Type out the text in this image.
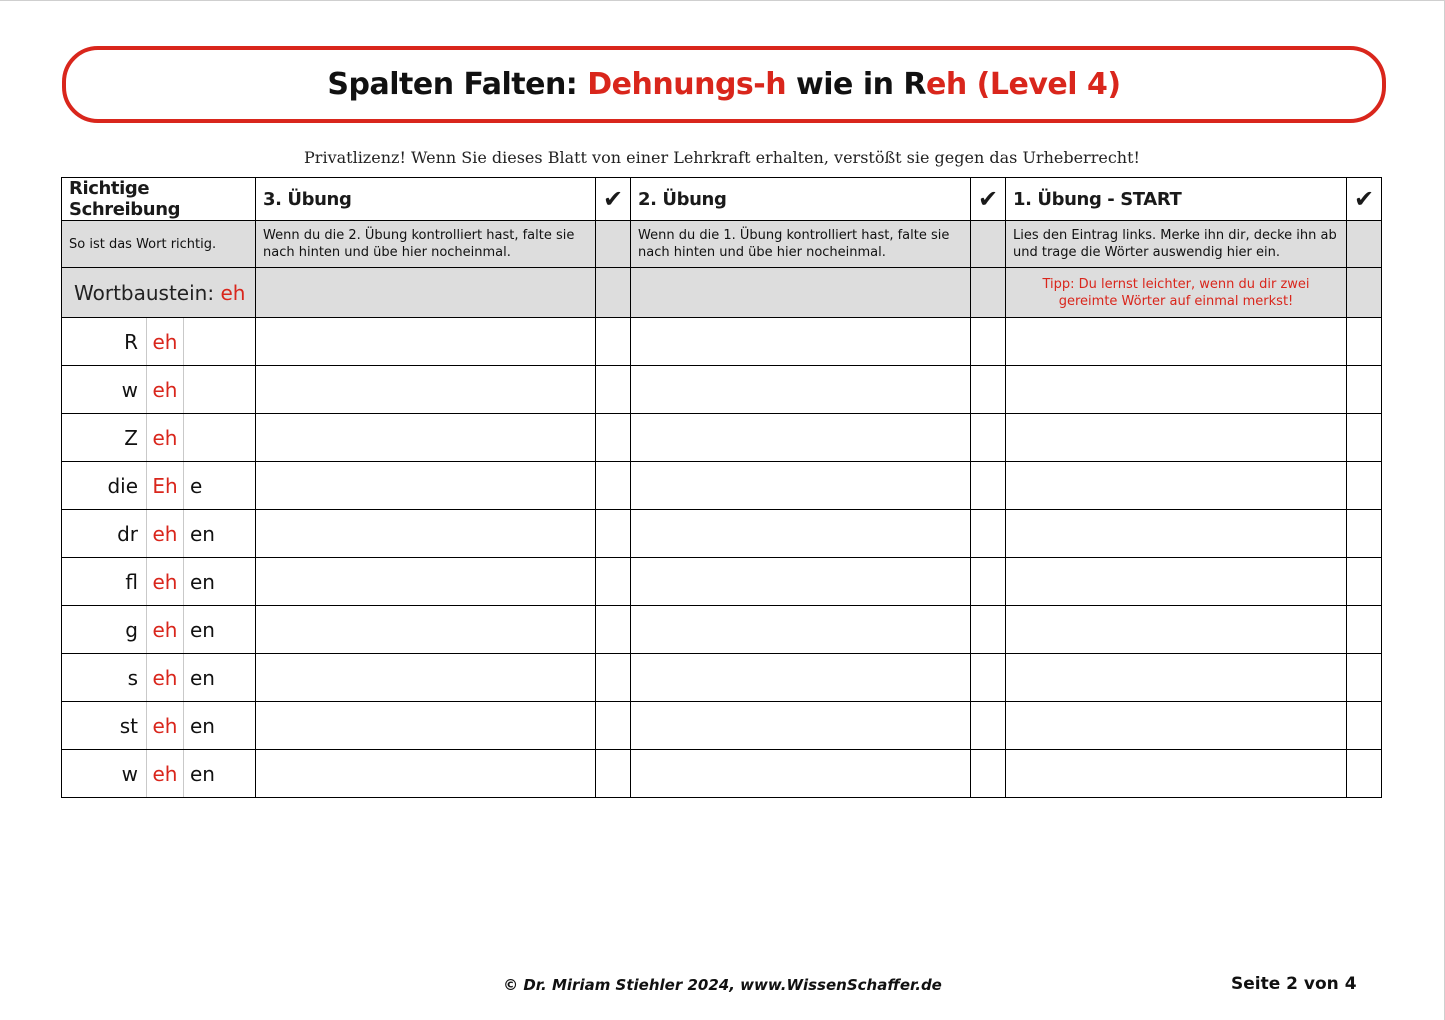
Spalten Falten: Dehnungs-h wie in Reh (Level 4)
Privatlizenz! Wenn Sie dieses Blatt von einer Lehrkraft erhalten, verstößt sie gegen das Urheberrecht!
Richtige Schreibung	3. Übung	✔	2. Übung	✔	1. Übung - START	✔
So ist das Wort richtig.	Wenn du die 2. Übung kontrolliert hast, falte sie nach hinten und übe hier nocheinmal.		Wenn du die 1. Übung kontrolliert hast, falte sie nach hinten und übe hier nocheinmal.		Lies den Eintrag links. Merke ihn dir, decke ihn ab und trage die Wörter auswendig hier ein.	
Wortbaustein: eh					Tipp: Du lernst leichter, wenn du dir zwei gereimte Wörter auf einmal merkst!	

R eh						

w eh						

Z eh						

die Eh e						

dr eh en						

fl eh en						

g eh en						

s eh en						

st eh en						

w eh en						

© Dr. Miriam Stiehler 2024, www.WissenSchaffer.de	Seite 2 von 4
